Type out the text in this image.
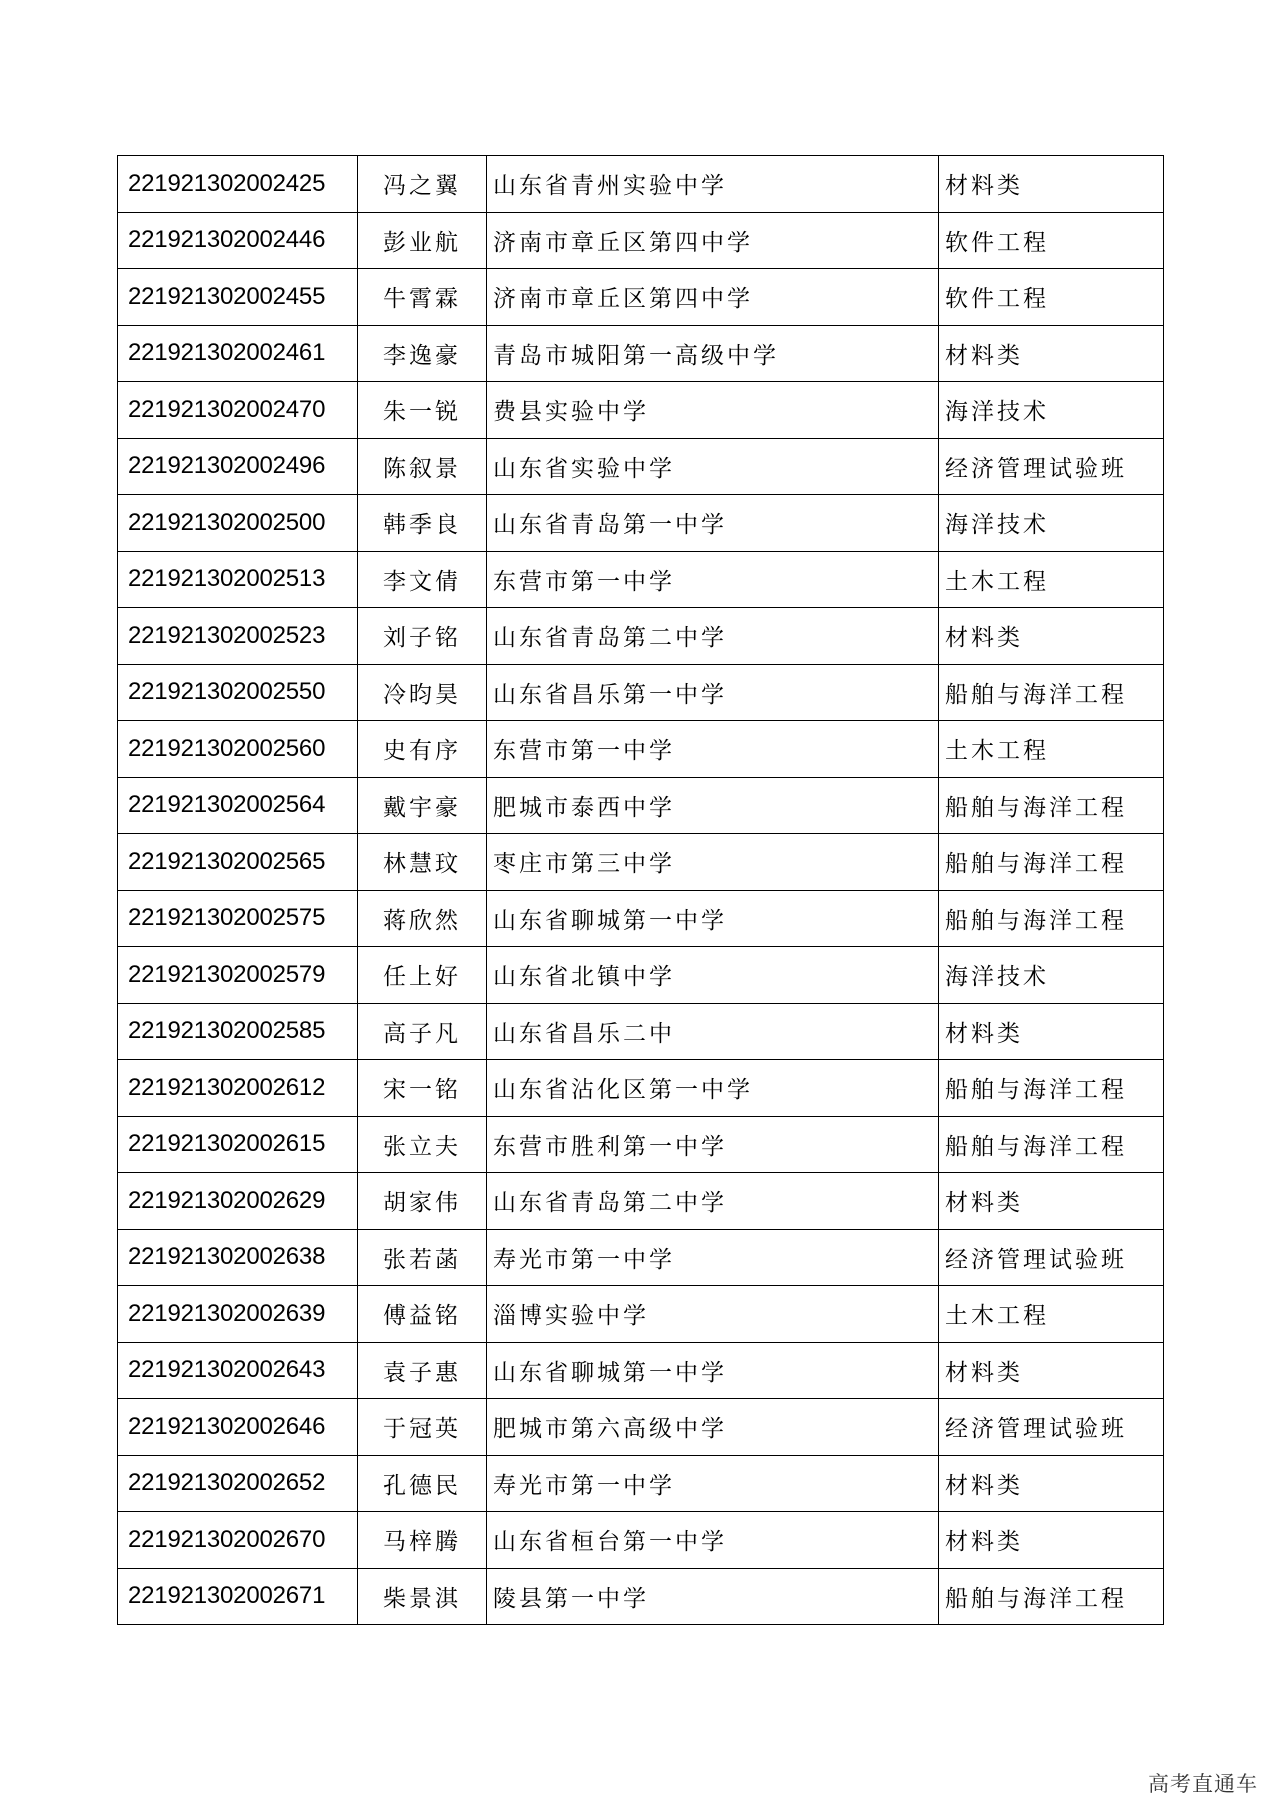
221921302002425	冯之翼	山东省青州实验中学	材料类
221921302002446	彭业航	济南市章丘区第四中学	软件工程
221921302002455	牛霄霖	济南市章丘区第四中学	软件工程
221921302002461	李逸豪	青岛市城阳第一高级中学	材料类
221921302002470	朱一锐	费县实验中学	海洋技术
221921302002496	陈叙景	山东省实验中学	经济管理试验班
221921302002500	韩季良	山东省青岛第一中学	海洋技术
221921302002513	李文倩	东营市第一中学	土木工程
221921302002523	刘子铭	山东省青岛第二中学	材料类
221921302002550	冷昀昊	山东省昌乐第一中学	船舶与海洋工程
221921302002560	史有序	东营市第一中学	土木工程
221921302002564	戴宇豪	肥城市泰西中学	船舶与海洋工程
221921302002565	林慧玟	枣庄市第三中学	船舶与海洋工程
221921302002575	蒋欣然	山东省聊城第一中学	船舶与海洋工程
221921302002579	任上好	山东省北镇中学	海洋技术
221921302002585	高子凡	山东省昌乐二中	材料类
221921302002612	宋一铭	山东省沾化区第一中学	船舶与海洋工程
221921302002615	张立夫	东营市胜利第一中学	船舶与海洋工程
221921302002629	胡家伟	山东省青岛第二中学	材料类
221921302002638	张若菡	寿光市第一中学	经济管理试验班
221921302002639	傅益铭	淄博实验中学	土木工程
221921302002643	袁子惠	山东省聊城第一中学	材料类
221921302002646	于冠英	肥城市第六高级中学	经济管理试验班
221921302002652	孔德民	寿光市第一中学	材料类
221921302002670	马梓腾	山东省桓台第一中学	材料类
221921302002671	柴景淇	陵县第一中学	船舶与海洋工程
高考直通车
